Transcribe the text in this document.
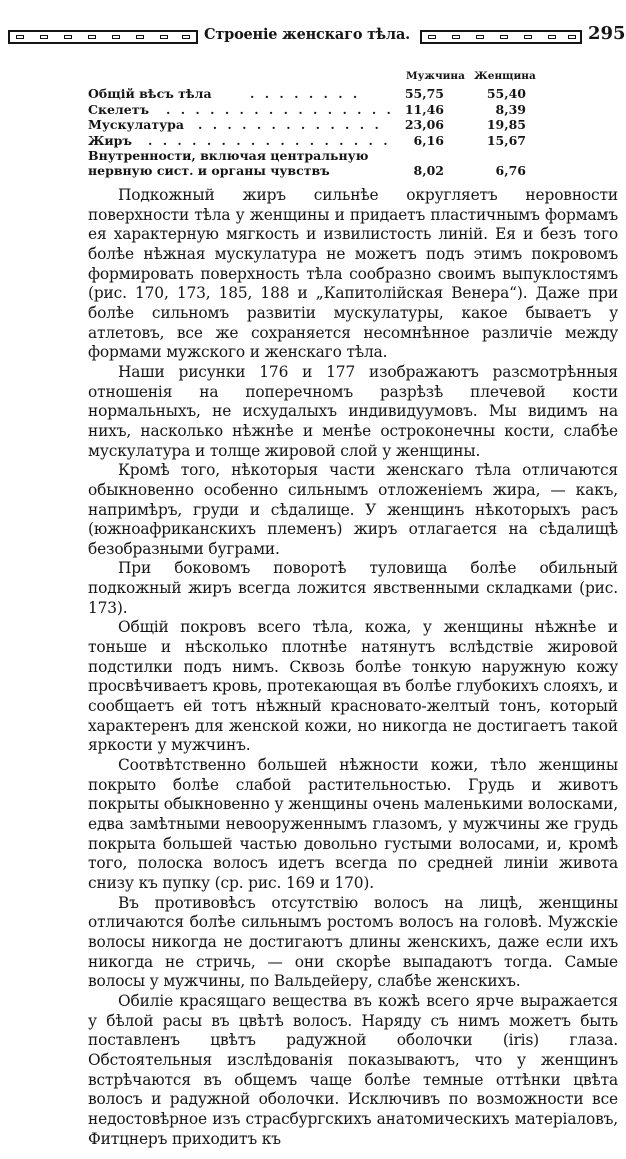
Строеніе женскаго тѣла.	295
Мужчина Женщина
Общій вѣсъ тѣла	. . . . . . . .	55,75	55,40
Скелетъ . . . . . . . . . . . . . . . . 11,46	8,39
Мускулатура . . . . . . . . . . . . .	23,06	19,85
Жиръ . . . . . . . . . . . . . . . . .	6,16	15,67
Внутренности, включая центральную
нервную сист. и органы чувствъ	8,02	6,76

Подкожный жиръ сильнѣе округляетъ неровности поверхности тѣла у женщины и придаетъ пластичнымъ формамъ ея характерную мягкость и извилистость линій. Ея и безъ того болѣе нѣжная мускулатура не можетъ подъ этимъ покровомъ формировать поверхность тѣла сообразно своимъ выпуклостямъ (рис. 170, 173, 185, 188 и „Капитолійская Венера“). Даже при болѣе сильномъ развитіи мускулатуры, какое бываетъ у атлетовъ, все же сохраняется несомнѣнное различіе между формами мужского и женскаго тѣла.

Наши рисунки 176 и 177 изображаютъ разсмотрѣнныя отношенія на поперечномъ разрѣзѣ плечевой кости нормальныхъ, не исхудалыхъ индивидуумовъ. Мы видимъ на нихъ, насколько нѣжнѣе и менѣе остроконечны кости, слабѣе мускулатура и толще жировой слой у женщины.

Кромѣ того, нѣкоторыя части женскаго тѣла отличаются обыкновенно особенно сильнымъ отложеніемъ жира, — какъ, напримѣръ, груди и сѣдалище. У женщинъ нѣкоторыхъ расъ (южноафриканскихъ племенъ) жиръ отлагается на сѣдалищѣ безобразными буграми.

При боковомъ поворотѣ туловища болѣе обильный подкожный жиръ всегда ложится явственными складками (рис. 173).

Общій покровъ всего тѣла, кожа, у женщины нѣжнѣе и тоньше и нѣсколько плотнѣе натянутъ вслѣдствіе жировой подстилки подъ нимъ. Сквозь болѣе тонкую наружную кожу просвѣчиваетъ кровь, протекающая въ болѣе глубокихъ слояхъ, и сообщаетъ ей тотъ нѣжный красновато-желтый тонъ, который характеренъ для женской кожи, но никогда не достигаетъ такой яркости у мужчинъ.

Соотвѣтственно большей нѣжности кожи, тѣло женщины покрыто болѣе слабой растительностью. Грудь и животъ покрыты обыкновенно у женщины очень маленькими волосками, едва замѣтными невооруженнымъ глазомъ, у мужчины же грудь покрыта большей частью довольно густыми волосами, и, кромѣ того, полоска волосъ идетъ всегда по средней линіи живота снизу къ пупку (ср. рис. 169 и 170).

Въ противовѣсъ отсутствію волосъ на лицѣ, женщины отличаются болѣе сильнымъ ростомъ волосъ на головѣ. Мужскіе волосы никогда не достигаютъ длины женскихъ, даже если ихъ никогда не стричь, — они скорѣе выпадаютъ тогда. Самые волосы у мужчины, по Вальдейеру, слабѣе женскихъ.

Обиліе красящаго вещества въ кожѣ всего ярче выражается у бѣлой расы въ цвѣтѣ волосъ. Наряду съ нимъ можетъ быть поставленъ цвѣтъ радужной оболочки (iris) глаза. Обстоятельныя изслѣдованія показываютъ, что у женщинъ встрѣчаются въ общемъ чаще болѣе темные оттѣнки цвѣта волосъ и радужной оболочки. Исключивъ по возможности все недостовѣрное изъ страсбургскихъ анатомическихъ матеріаловъ, Фитцнеръ приходитъ къ
